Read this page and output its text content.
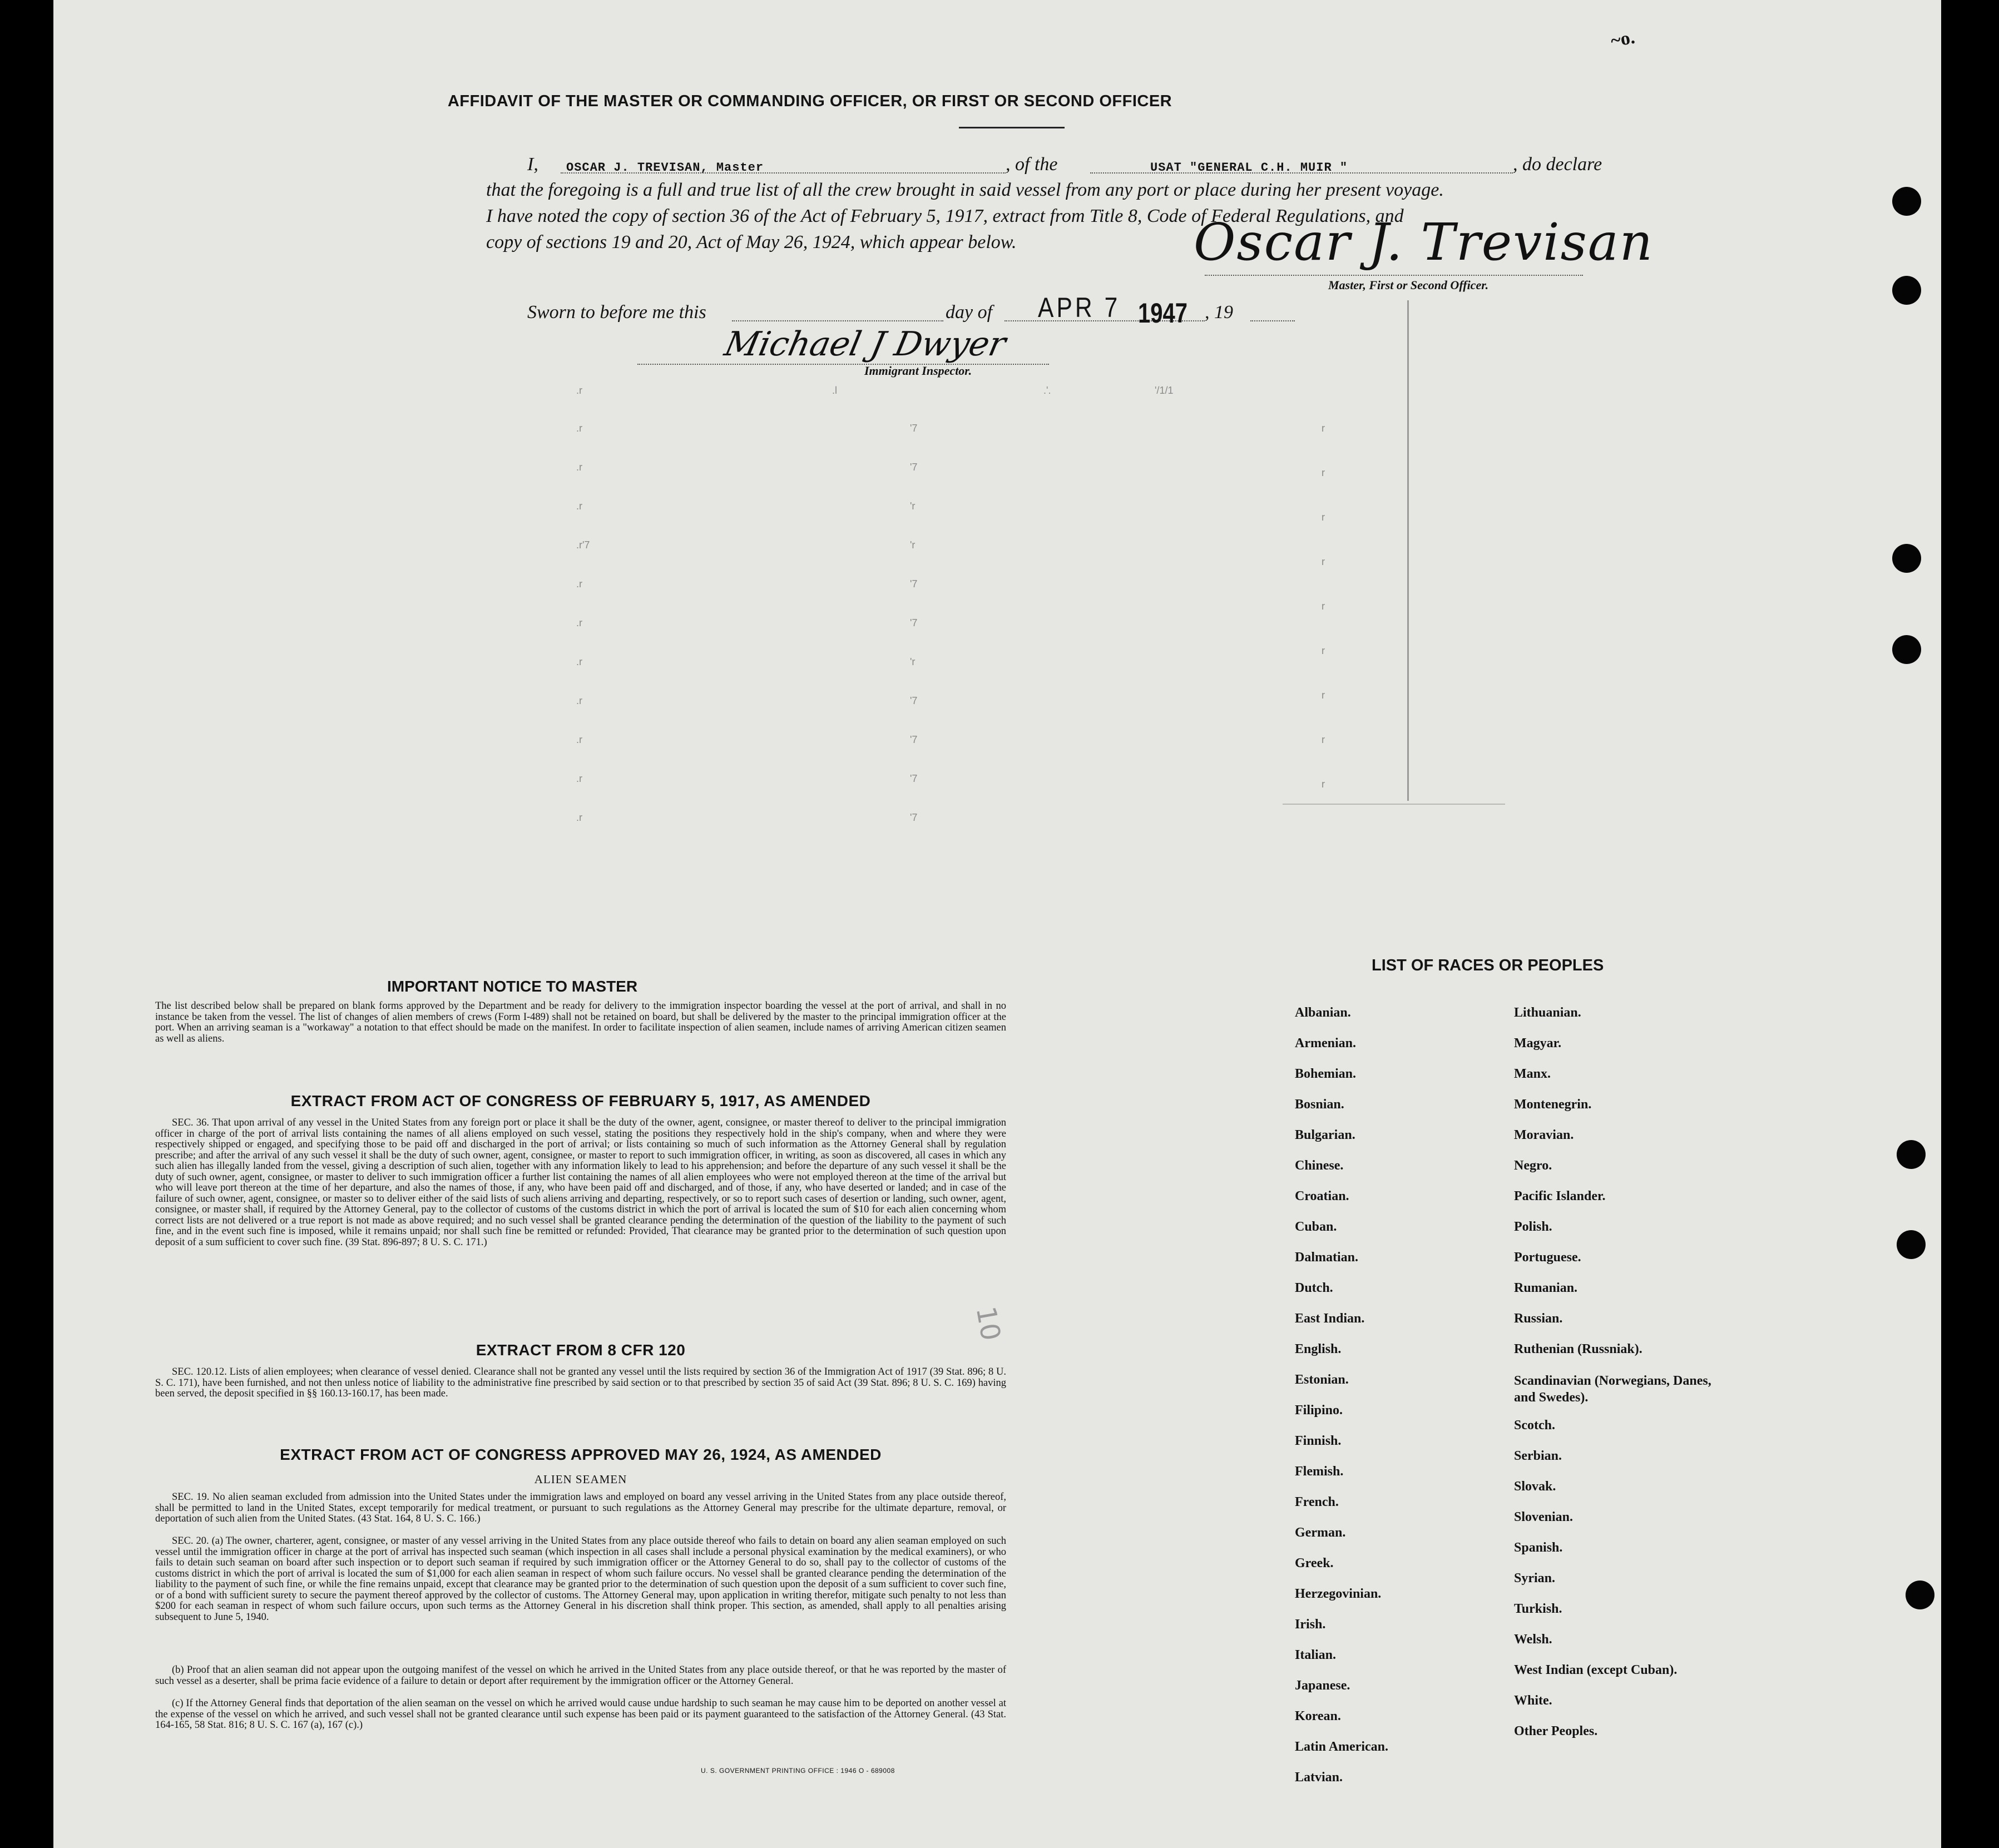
.r	.l	.'.	'/1/1
.r	'7
.r	'7
.r	'r
.r'7	'r
.r	'7
.r	'7
.r	'r
.r	'7
.r	'7
.r	'7
.r	'7
r
r
r
r
r
r
r
r
r
~o.
AFFIDAVIT OF THE MASTER OR COMMANDING OFFICER, OR FIRST OR SECOND OFFICER
I, OSCAR J. TREVISAN, Master	, of the	USAT "GENERAL C.H. MUIR "	, do declare
that the foregoing is a full and true list of all the crew brought in said vessel from any port or place during her present voyage.
I have noted the copy of section 36 of the Act of February 5, 1917, extract from Title 8, Code of Federal Regulations, and
copy of sections 19 and 20, Act of May 26, 1924, which appear below.	Oscar J. Trevisan
Master, First or Second Officer.
Sworn to before me this	day of APR 7 1947 , 19
Michael J Dwyer
Immigrant Inspector.
IMPORTANT NOTICE TO MASTER
The list described below shall be prepared on blank forms approved by the Department and be ready for delivery to the immigration inspector boarding the vessel at the port of arrival, and shall in no instance be taken from the vessel. The list of changes of alien members of crews (Form I-489) shall not be retained on board, but shall be delivered by the master to the principal immigration officer at the port. When an arriving seaman is a "workaway" a notation to that effect should be made on the manifest. In order to facilitate inspection of alien seamen, include names of arriving American citizen seamen as well as aliens.
EXTRACT FROM ACT OF CONGRESS OF FEBRUARY 5, 1917, AS AMENDED
SEC. 36. That upon arrival of any vessel in the United States from any foreign port or place it shall be the duty of the owner, agent, consignee, or master thereof to deliver to the principal immigration officer in charge of the port of arrival lists containing the names of all aliens employed on such vessel, stating the positions they respectively hold in the ship's company, when and where they were respectively shipped or engaged, and specifying those to be paid off and discharged in the port of arrival; or lists containing so much of such information as the Attorney General shall by regulation prescribe; and after the arrival of any such vessel it shall be the duty of such owner, agent, consignee, or master to report to such immigration officer, in writing, as soon as discovered, all cases in which any such alien has illegally landed from the vessel, giving a description of such alien, together with any information likely to lead to his apprehension; and before the departure of any such vessel it shall be the duty of such owner, agent, consignee, or master to deliver to such immigration officer a further list containing the names of all alien employees who were not employed thereon at the time of the arrival but who will leave port thereon at the time of her departure, and also the names of those, if any, who have been paid off and discharged, and of those, if any, who have deserted or landed; and in case of the failure of such owner, agent, consignee, or master so to deliver either of the said lists of such aliens arriving and departing, respectively, or so to report such cases of desertion or landing, such owner, agent, consignee, or master shall, if required by the Attorney General, pay to the collector of customs of the customs district in which the port of arrival is located the sum of $10 for each alien concerning whom correct lists are not delivered or a true report is not made as above required; and no such vessel shall be granted clearance pending the determination of the question of the liability to the payment of such fine, and in the event such fine is imposed, while it remains unpaid; nor shall such fine be remitted or refunded: Provided, That clearance may be granted prior to the determination of such question upon deposit of a sum sufficient to cover such fine. (39 Stat. 896-897; 8 U. S. C. 171.)
EXTRACT FROM 8 CFR 120
SEC. 120.12. Lists of alien employees; when clearance of vessel denied. Clearance shall not be granted any vessel until the lists required by section 36 of the Immigration Act of 1917 (39 Stat. 896; 8 U. S. C. 171), have been furnished, and not then unless notice of liability to the administrative fine prescribed by said section or to that prescribed by section 35 of said Act (39 Stat. 896; 8 U. S. C. 169) having been served, the deposit specified in §§ 160.13-160.17, has been made.
EXTRACT FROM ACT OF CONGRESS APPROVED MAY 26, 1924, AS AMENDED
ALIEN SEAMEN
SEC. 19. No alien seaman excluded from admission into the United States under the immigration laws and employed on board any vessel arriving in the United States from any place outside thereof, shall be permitted to land in the United States, except temporarily for medical treatment, or pursuant to such regulations as the Attorney General may prescribe for the ultimate departure, removal, or deportation of such alien from the United States. (43 Stat. 164, 8 U. S. C. 166.)
SEC. 20. (a) The owner, charterer, agent, consignee, or master of any vessel arriving in the United States from any place outside thereof who fails to detain on board any alien seaman employed on such vessel until the immigration officer in charge at the port of arrival has inspected such seaman (which inspection in all cases shall include a personal physical examination by the medical examiners), or who fails to detain such seaman on board after such inspection or to deport such seaman if required by such immigration officer or the Attorney General to do so, shall pay to the collector of customs of the customs district in which the port of arrival is located the sum of $1,000 for each alien seaman in respect of whom such failure occurs. No vessel shall be granted clearance pending the determination of the liability to the payment of such fine, or while the fine remains unpaid, except that clearance may be granted prior to the determination of such question upon the deposit of a sum sufficient to cover such fine, or of a bond with sufficient surety to secure the payment thereof approved by the collector of customs. The Attorney General may, upon application in writing therefor, mitigate such penalty to not less than $200 for each seaman in respect of whom such failure occurs, upon such terms as the Attorney General in his discretion shall think proper. This section, as amended, shall apply to all penalties arising subsequent to June 5, 1940.
(b) Proof that an alien seaman did not appear upon the outgoing manifest of the vessel on which he arrived in the United States from any place outside thereof, or that he was reported by the master of such vessel as a deserter, shall be prima facie evidence of a failure to detain or deport after requirement by the immigration officer or the Attorney General.
(c) If the Attorney General finds that deportation of the alien seaman on the vessel on which he arrived would cause undue hardship to such seaman he may cause him to be deported on another vessel at the expense of the vessel on which he arrived, and such vessel shall not be granted clearance until such expense has been paid or its payment guaranteed to the satisfaction of the Attorney General. (43 Stat. 164-165, 58 Stat. 816; 8 U. S. C. 167 (a), 167 (c).)
U. S. GOVERNMENT PRINTING OFFICE : 1946 O - 689008
10
LIST OF RACES OR PEOPLES
Albanian.
Armenian.
Bohemian.
Bosnian.
Bulgarian.
Chinese.
Croatian.
Cuban.
Dalmatian.
Dutch.
East Indian.
English.
Estonian.
Filipino.
Finnish.
Flemish.
French.
German.
Greek.
Herzegovinian.
Irish.
Italian.
Japanese.
Korean.
Latin American.
Latvian.
Lithuanian.
Magyar.
Manx.
Montenegrin.
Moravian.
Negro.
Pacific Islander.
Polish.
Portuguese.
Rumanian.
Russian.
Ruthenian (Russniak).
Scandinavian (Norwegians, Danes, and Swedes).
Scotch.
Serbian.
Slovak.
Slovenian.
Spanish.
Syrian.
Turkish.
Welsh.
West Indian (except Cuban).
White.
Other Peoples.
